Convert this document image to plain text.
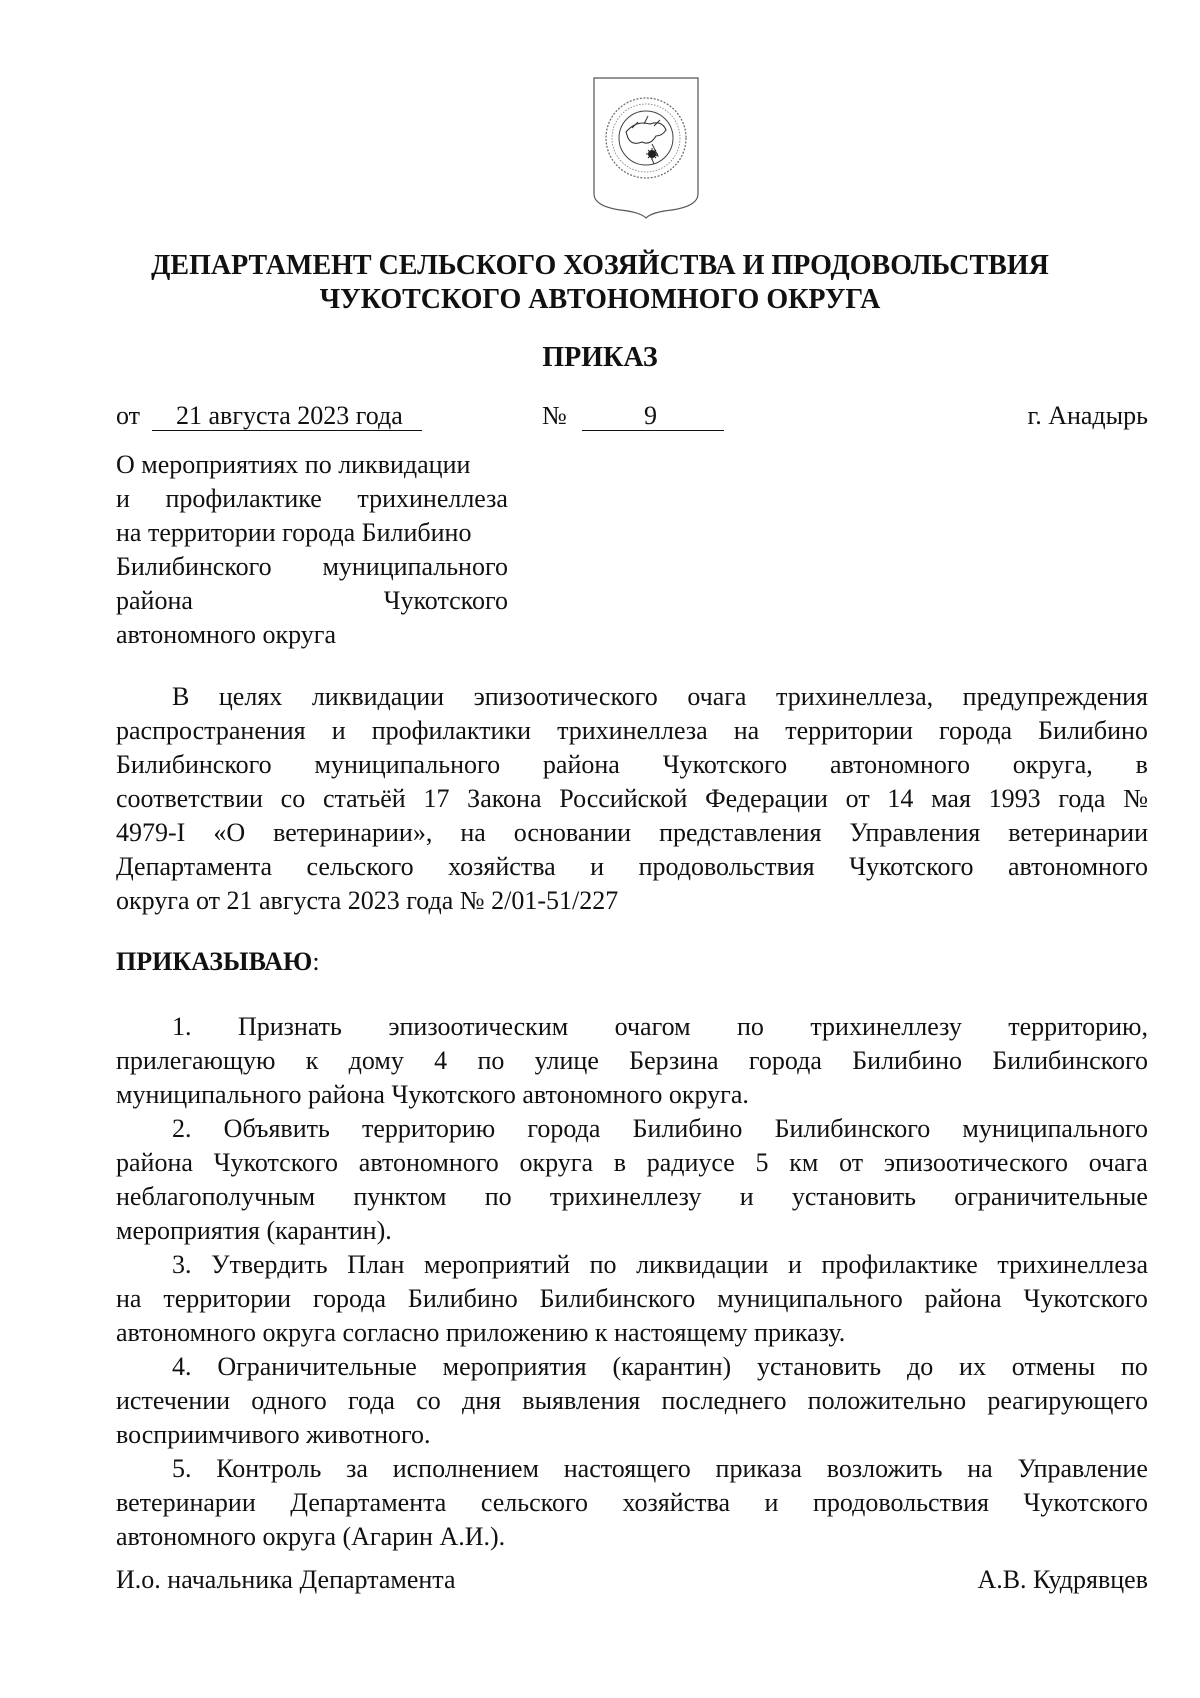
ДЕПАРТАМЕНТ СЕЛЬСКОГО ХОЗЯЙСТВА И ПРОДОВОЛЬСТВИЯ
ЧУКОТСКОГО АВТОНОМНОГО ОКРУГА
ПРИКАЗ
от 21 августа 2023 года	№	9	г. Анадырь
О мероприятиях по ликвидации
и профилактике трихинеллеза
на территории города Билибино
Билибинского муниципального
района	Чукотского
автономного округа
В целях ликвидации эпизоотического очага трихинеллеза, предупреждения
распространения и профилактики трихинеллеза на территории города Билибино
Билибинского муниципального района Чукотского автономного округа, в
соответствии со статьёй 17 Закона Российской Федерации от 14 мая 1993 года №
4979-I «О ветеринарии», на основании представления Управления ветеринарии
Департамента сельского хозяйства и продовольствия Чукотского автономного
округа от 21 августа 2023 года № 2/01-51/227
ПРИКАЗЫВАЮ:
1. Признать эпизоотическим очагом по трихинеллезу территорию,
прилегающую к дому 4 по улице Берзина города Билибино Билибинского
муниципального района Чукотского автономного округа.
2. Объявить территорию города Билибино Билибинского муниципального
района Чукотского автономного округа в радиусе 5 км от эпизоотического очага
неблагополучным пунктом по трихинеллезу и установить ограничительные
мероприятия (карантин).
3. Утвердить План мероприятий по ликвидации и профилактике трихинеллеза
на территории города Билибино Билибинского муниципального района Чукотского
автономного округа согласно приложению к настоящему приказу.
4. Ограничительные мероприятия (карантин) установить до их отмены по
истечении одного года со дня выявления последнего положительно реагирующего
восприимчивого животного.
5. Контроль за исполнением настоящего приказа возложить на Управление
ветеринарии Департамента сельского хозяйства и продовольствия Чукотского
автономного округа (Агарин А.И.).
И.о. начальника Департамента	А.В. Кудрявцев
